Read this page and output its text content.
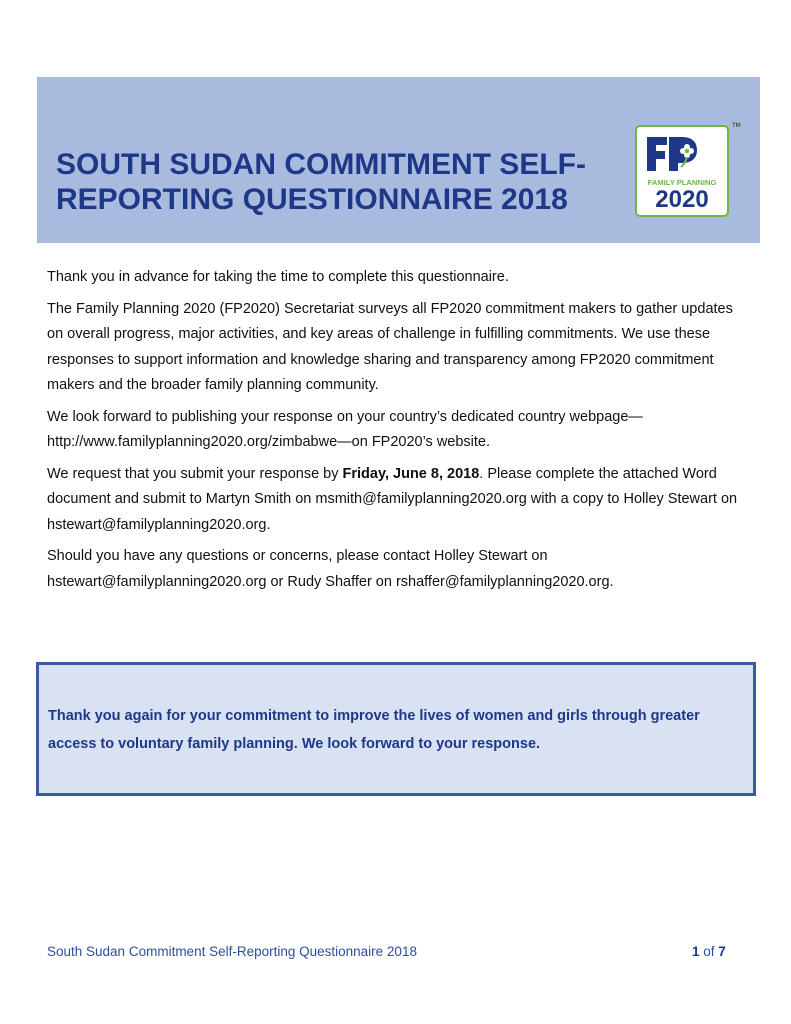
SOUTH SUDAN COMMITMENT SELF-REPORTING QUESTIONNAIRE 2018
FAMILY PLANNING
2020
TM

Thank you in advance for taking the time to complete this questionnaire.

The Family Planning 2020 (FP2020) Secretariat surveys all FP2020 commitment makers to gather updates on overall progress, major activities, and key areas of challenge in fulfilling commitments. We use these responses to support information and knowledge sharing and transparency among FP2020 commitment makers and the broader family planning community.

We look forward to publishing your response on your country’s dedicated country webpage—
http://www.familyplanning2020.org/zimbabwe—on FP2020’s website.

We request that you submit your response by Friday, June 8, 2018. Please complete the attached Word document and submit to Martyn Smith on msmith@familyplanning2020.org with a copy to Holley Stewart on hstewart@familyplanning2020.org.

Should you have any questions or concerns, please contact Holley Stewart on hstewart@familyplanning2020.org or Rudy Shaffer on rshaffer@familyplanning2020.org.

Thank you again for your commitment to improve the lives of women and girls through greater access to voluntary family planning. We look forward to your response.

South Sudan Commitment Self-Reporting Questionnaire 2018	1 of 7
